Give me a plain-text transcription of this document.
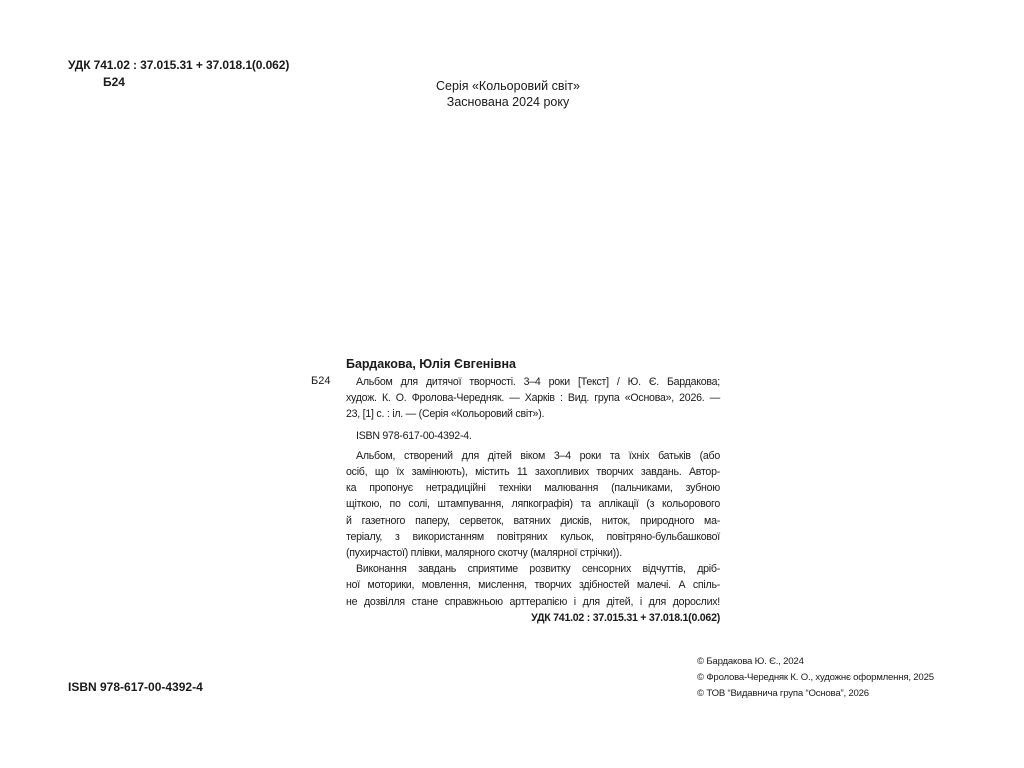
УДК 741.02 : 37.015.31 + 37.018.1(0.062)
Б24	Серія «Кольоровий світ»
Заснована 2024 року
Бардакова, Юлія Євгенівна
Б24	Альбом для дитячої творчості. 3–4 роки [Текст] / Ю. Є. Бардакова;

худож. К. О. Фролова-Чередняк. — Харків : Вид. група «Основа», 2026. —

23, [1] с. : іл. — (Серія «Кольоровий світ»).

ISBN 978-617-00-4392-4.

Альбом, створений для дітей віком 3–4 роки та їхніх батьків (або

осіб, що їх замінюють), містить 11 захопливих творчих завдань. Автор-

ка пропонує нетрадиційні техніки малювання (пальчиками, зубною

щіткою, по солі, штампування, ляпкографія) та аплікації (з кольорового

й газетного паперу, серветок, ватяних дисків, ниток, природного ма-

теріалу, з використанням повітряних кульок, повітряно-бульбашкової

(пухирчастої) плівки, малярного скотчу (малярної стрічки)).

Виконання завдань сприятиме розвитку сенсорних відчуттів, дріб-

ної моторики, мовлення, мислення, творчих здібностей малечі. А спіль-

не дозвілля стане справжньою арттерапією і для дітей, і для дорослих!

УДК 741.02 : 37.015.31 + 37.018.1(0.062)

ISBN 978-617-00-4392-4
© Бардакова Ю. Є., 2024
© Фролова-Чередняк К. О., художнє оформлення, 2025
© ТОВ “Видавнича група “Основа”, 2026
